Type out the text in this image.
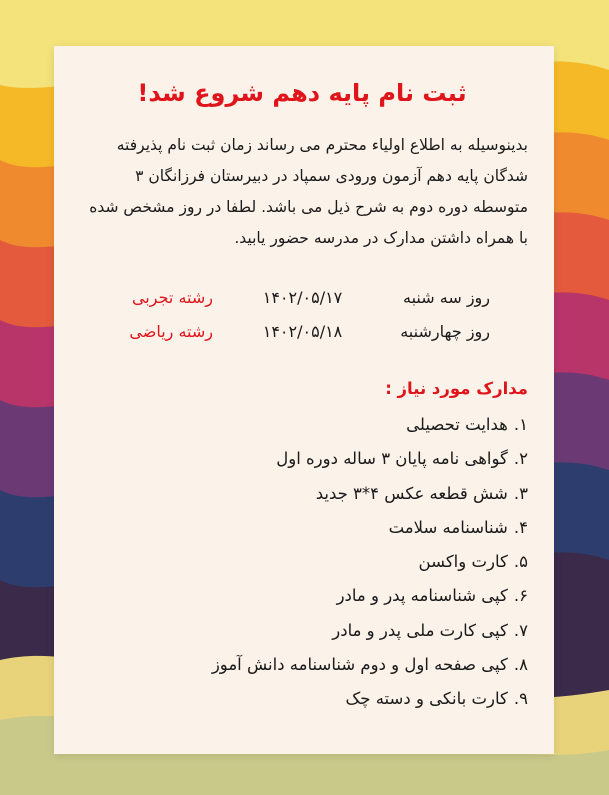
ثبت نام پایه دهم شروع شد!
بدینوسیله به اطلاع اولیاء محترم می رساند زمان ثبت نام پذیرفته
شدگان پایه دهم آزمون ورودی سمپاد در دبیرستان فرزانگان ۳
متوسطه دوره دوم به شرح ذیل می باشد. لطفا در روز مشخص شده
با همراه داشتن مدارک در مدرسه حضور یابید.
روز سه شنبه
۱۴۰۲/۰۵/۱۷
رشته تجربی
روز چهارشنبه
۱۴۰۲/۰۵/۱۸
رشته ریاضی
مدارک مورد نیاز :
۱.
هدایت تحصیلی
۲.
گواهی نامه پایان ۳ ساله دوره اول
۳.
شش قطعه عکس ۴*۳ جدید
۴.
شناسنامه سلامت
۵.
کارت واکسن
۶.
کپی شناسنامه پدر و مادر
۷.
کپی کارت ملی پدر و مادر
۸.
کپی صفحه اول و دوم شناسنامه دانش آموز
۹.
کارت بانکی و دسته چک
